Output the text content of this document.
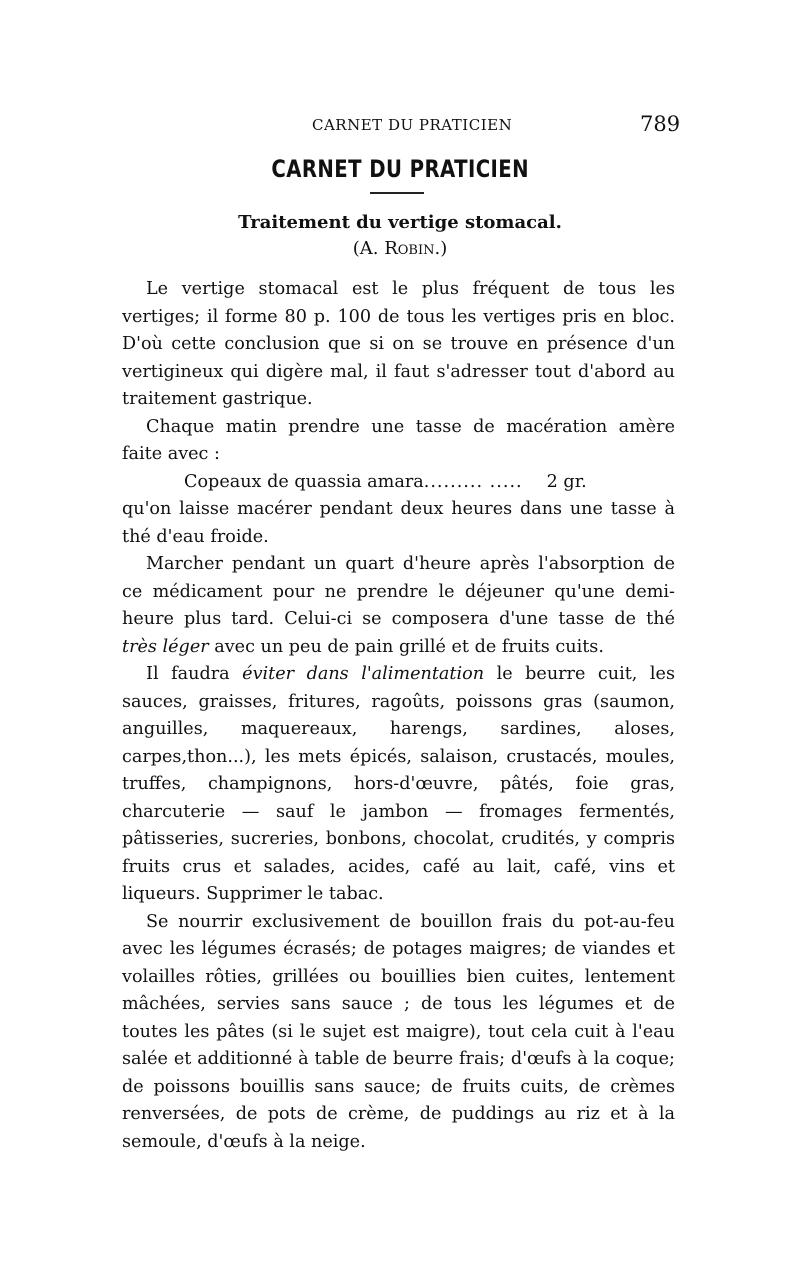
CARNET DU PRATICIEN	789
CARNET DU PRATICIEN
Traitement du vertige stomacal.
(A. Robin.)

Le vertige stomacal est le plus fréquent de tous les vertiges; il forme 80 p. 100 de tous les vertiges pris en bloc. D'où cette conclusion que si on se trouve en présence d'un vertigineux qui digère mal, il faut s'adresser tout d'abord au traitement gastrique.

Chaque matin prendre une tasse de macération amère faite avec :

Copeaux de quassia amara......... ..... 2 gr.
qu'on laisse macérer pendant deux heures dans une tasse à thé d'eau froide.

Marcher pendant un quart d'heure après l'absorption de ce médicament pour ne prendre le déjeuner qu'une demi-heure plus tard. Celui-ci se composera d'une tasse de thé très léger avec un peu de pain grillé et de fruits cuits.

Il faudra éviter dans l'alimentation le beurre cuit, les sauces, graisses, fritures, ragoûts, poissons gras (saumon, anguilles, maquereaux, harengs, sardines, aloses, carpes,thon...), les mets épicés, salaison, crustacés, moules, truffes, champignons, hors-d'œuvre, pâtés, foie gras, charcuterie — sauf le jambon — fromages fermentés, pâtisseries, sucreries, bonbons, chocolat, crudités, y compris fruits crus et salades, acides, café au lait, café, vins et liqueurs. Supprimer le tabac.

Se nourrir exclusivement de bouillon frais du pot-au-feu avec les légumes écrasés; de potages maigres; de viandes et volailles rôties, grillées ou bouillies bien cuites, lentement mâchées, servies sans sauce ; de tous les légumes et de toutes les pâtes (si le sujet est maigre), tout cela cuit à l'eau salée et additionné à table de beurre frais; d'œufs à la coque; de poissons bouillis sans sauce; de fruits cuits, de crèmes renversées, de pots de crème, de puddings au riz et à la semoule, d'œufs à la neige.
